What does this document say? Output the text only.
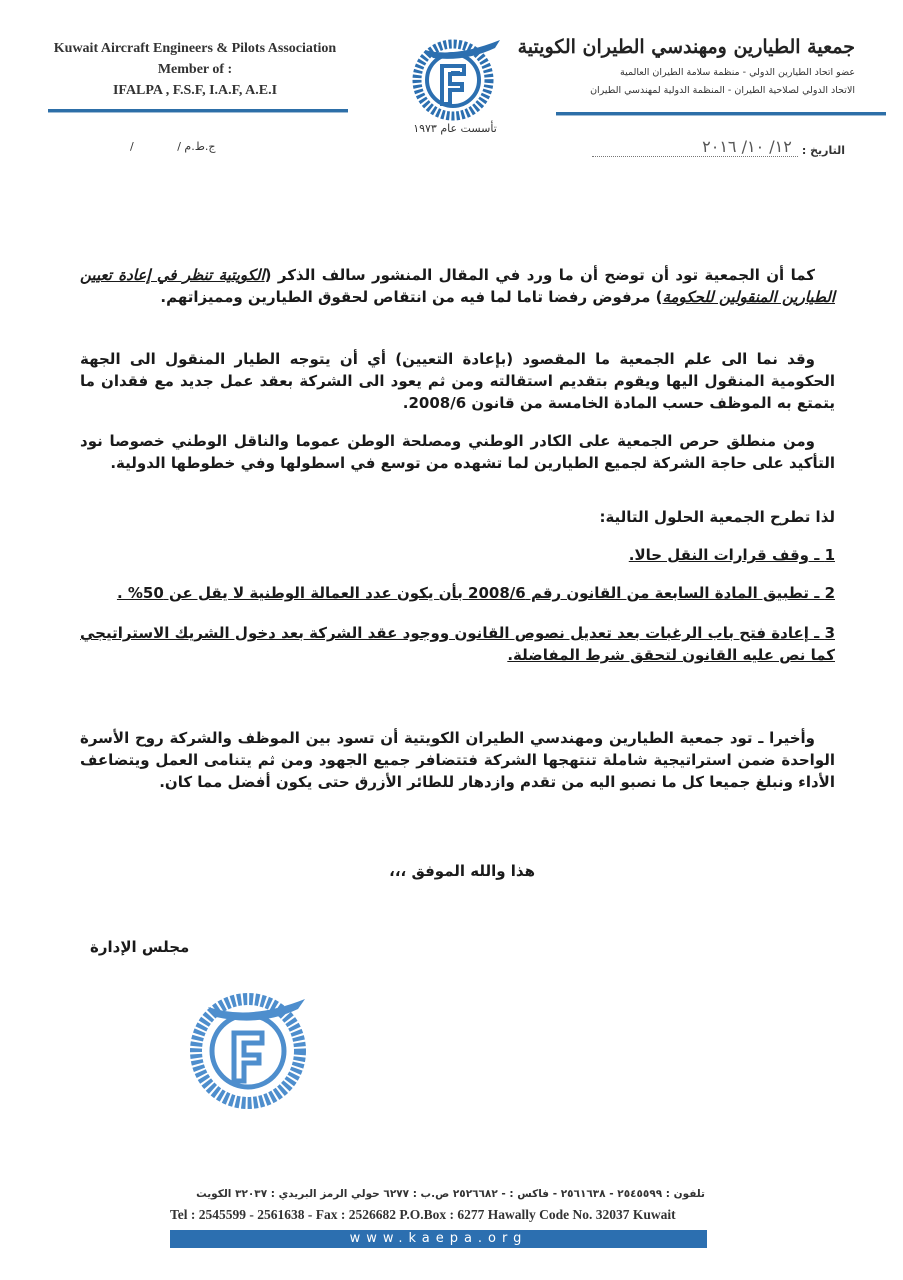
Kuwait Aircraft Engineers & Pilots Association
Member of :
IFALPA , F.S.F, I.A.F, A.E.I
تأسست عام ١٩٧٣
جمعية الطيارين ومهندسي الطيران الكويتية
عضو اتحاد الطيارين الدولي - منظمة سلامة الطيران العالمية
الاتحاد الدولي لصلاحية الطيران - المنظمة الدولية لمهندسي الطيران
ج.ط.م / /	التاريخ :
١٢/ ١٠/ ٢٠١٦

كما أن الجمعية تود أن توضح أن ما ورد في المقال المنشور سالف الذكر (الكويتية تنظر في إعادة تعيين الطيارين المنقولين للحكومة) مرفوض رفضا تاما لما فيه من انتقاص لحقوق الطيارين ومميزاتهم.

وقد نما الى علم الجمعية ما المقصود (بإعادة التعيين) أي أن يتوجه الطيار المنقول الى الجهة الحكومية المنقول اليها ويقوم بتقديم استقالته ومن ثم يعود الى الشركة بعقد عمل جديد مع فقدان ما يتمتع به الموظف حسب المادة الخامسة من قانون 2008/6.

ومن منطلق حرص الجمعية على الكادر الوطني ومصلحة الوطن عموما والناقل الوطني خصوصا نود التأكيد على حاجة الشركة لجميع الطيارين لما تشهده من توسع في اسطولها وفي خطوطها الدولية.

لذا تطرح الجمعية الحلول التالية:

1 ـ وقف قرارات النقل حالا.

2 ـ تطبيق المادة السابعة من القانون رقم 2008/6 بأن يكون عدد العمالة الوطنية لا يقل عن 50% .

3 ـ إعادة فتح باب الرغبات بعد تعديل نصوص القانون ووجود عقد الشركة بعد دخول الشريك الاستراتيجي كما نص عليه القانون لتحقق شرط المفاضلة.

وأخيرا ـ تود جمعية الطيارين ومهندسي الطيران الكويتية أن تسود بين الموظف والشركة روح الأسرة الواحدة ضمن استراتيجية شاملة تنتهجها الشركة فتتضافر جميع الجهود ومن ثم يتنامى العمل ويتضاعف الأداء ونبلغ جميعا كل ما نصبو اليه من تقدم وازدهار للطائر الأزرق حتى يكون أفضل مما كان.

هذا والله الموفق ،،،

مجلس الإدارة
تلفون : ٢٥٤٥٥٩٩ - ٢٥٦١٦٣٨ - فاكس : - ٢٥٢٦٦٨٢ ص.ب : ٦٢٧٧ حولي الرمز البريدي : ٣٢٠٣٧ الكويت
Tel : 2545599 - 2561638 - Fax : 2526682 P.O.Box : 6277 Hawally Code No. 32037 Kuwait
www.kaepa.org
